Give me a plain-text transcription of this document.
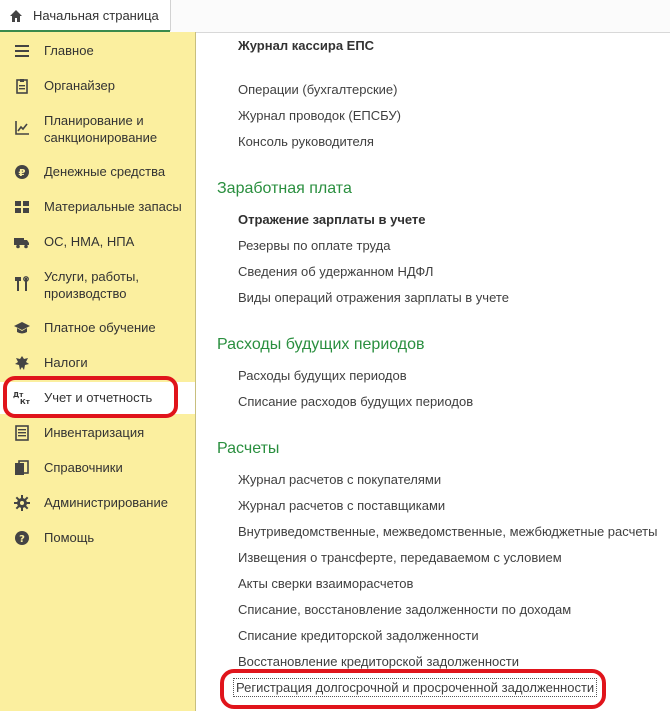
Начальная страница
Главное
Органайзер
Планирование и санкционирование
₽ Денежные средства
Материальные запасы
ОС, НМА, НПА
Услуги, работы, производство
Платное обучение
Налоги
Дт
Кт Учет и отчетность
Инвентаризация
Справочники
Администрирование
? Помощь
Журнал кассира ЕПС
Операции (бухгалтерские)
Журнал проводок (ЕПСБУ)
Консоль руководителя
Заработная плата
Отражение зарплаты в учете
Резервы по оплате труда
Сведения об удержанном НДФЛ
Виды операций отражения зарплаты в учете
Расходы будущих периодов
Расходы будущих периодов
Списание расходов будущих периодов
Расчеты
Журнал расчетов с покупателями
Журнал расчетов с поставщиками
Внутриведомственные, межведомственные, межбюджетные расчеты
Извещения о трансферте, передаваемом с условием
Акты сверки взаиморасчетов
Списание, восстановление задолженности по доходам
Списание кредиторской задолженности
Восстановление кредиторской задолженности
Регистрация долгосрочной и просроченной задолженности
